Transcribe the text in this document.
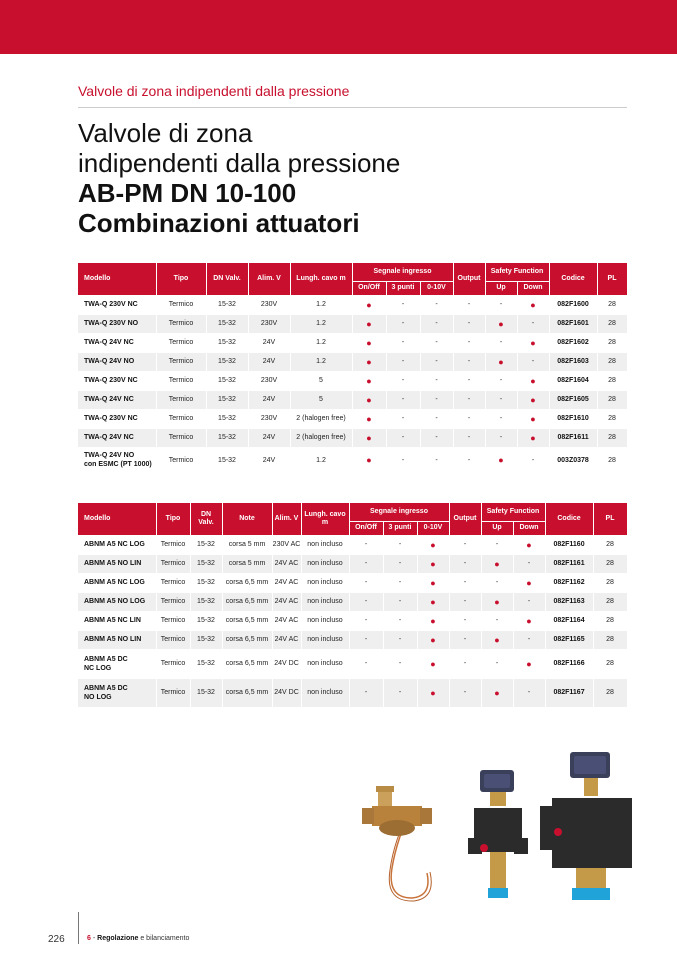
Valvole di zona indipendenti dalla pressione
Valvole di zona
indipendenti dalla pressione
AB-PM DN 10-100
Combinazioni attuatori
Modello	Tipo	DN Valv.	Alim. V	Lungh. cavo m	Segnale ingresso			Output	Safety Function		Codice	PL
					On/Off	3 punti	0-10V		Up	Down		
TWA-Q 230V NC	Termico	15-32	230V	1.2	●	-	-	-	-	●	082F1600	28
TWA-Q 230V NO	Termico	15-32	230V	1.2	●	-	-	-	●	-	082F1601	28
TWA-Q 24V NC	Termico	15-32	24V	1.2	●	-	-	-	-	●	082F1602	28
TWA-Q 24V NO	Termico	15-32	24V	1.2	●	-	-	-	●	-	082F1603	28
TWA-Q 230V NC	Termico	15-32	230V	5	●	-	-	-	-	●	082F1604	28
TWA-Q 24V NC	Termico	15-32	24V	5	●	-	-	-	-	●	082F1605	28
TWA-Q 230V NC	Termico	15-32	230V	2 (halogen free)	●	-	-	-	-	●	082F1610	28
TWA-Q 24V NC	Termico	15-32	24V	2 (halogen free)	●	-	-	-	-	●	082F1611	28
TWA-Q 24V NO
con ESMC (PT 1000)	Termico	15-32	24V	1.2	●	-	-	-	●	-	003Z0378	28
Modello	Tipo	DN Valv.	Note	Alim. V	Lungh. cavo m	Segnale ingresso			Output	Safety Function		Codice	PL
						On/Off	3 punti	0-10V		Up	Down		
ABNM A5 NC LOG	Termico	15-32	corsa 5 mm	230V AC	non incluso	-	-	●	-	-	●	082F1160	28
ABNM A5 NO LIN	Termico	15-32	corsa 5 mm	24V AC	non incluso	-	-	●	-	●	-	082F1161	28
ABNM A5 NC LOG	Termico	15-32	corsa 6,5 mm	24V AC	non incluso	-	-	●	-	-	●	082F1162	28
ABNM A5 NO LOG	Termico	15-32	corsa 6,5 mm	24V AC	non incluso	-	-	●	-	●	-	082F1163	28
ABNM A5 NC LIN	Termico	15-32	corsa 6,5 mm	24V AC	non incluso	-	-	●	-	-	●	082F1164	28
ABNM A5 NO LIN	Termico	15-32	corsa 6,5 mm	24V AC	non incluso	-	-	●	-	●	-	082F1165	28
ABNM A5 DC
NC LOG	Termico	15-32	corsa 6,5 mm	24V DC	non incluso	-	-	●	-	-	●	082F1166	28
ABNM A5 DC
NO LOG	Termico	15-32	corsa 6,5 mm	24V DC	non incluso	-	-	●	-	●	-	082F1167	28
226	6 - Regolazione e bilanciamento
